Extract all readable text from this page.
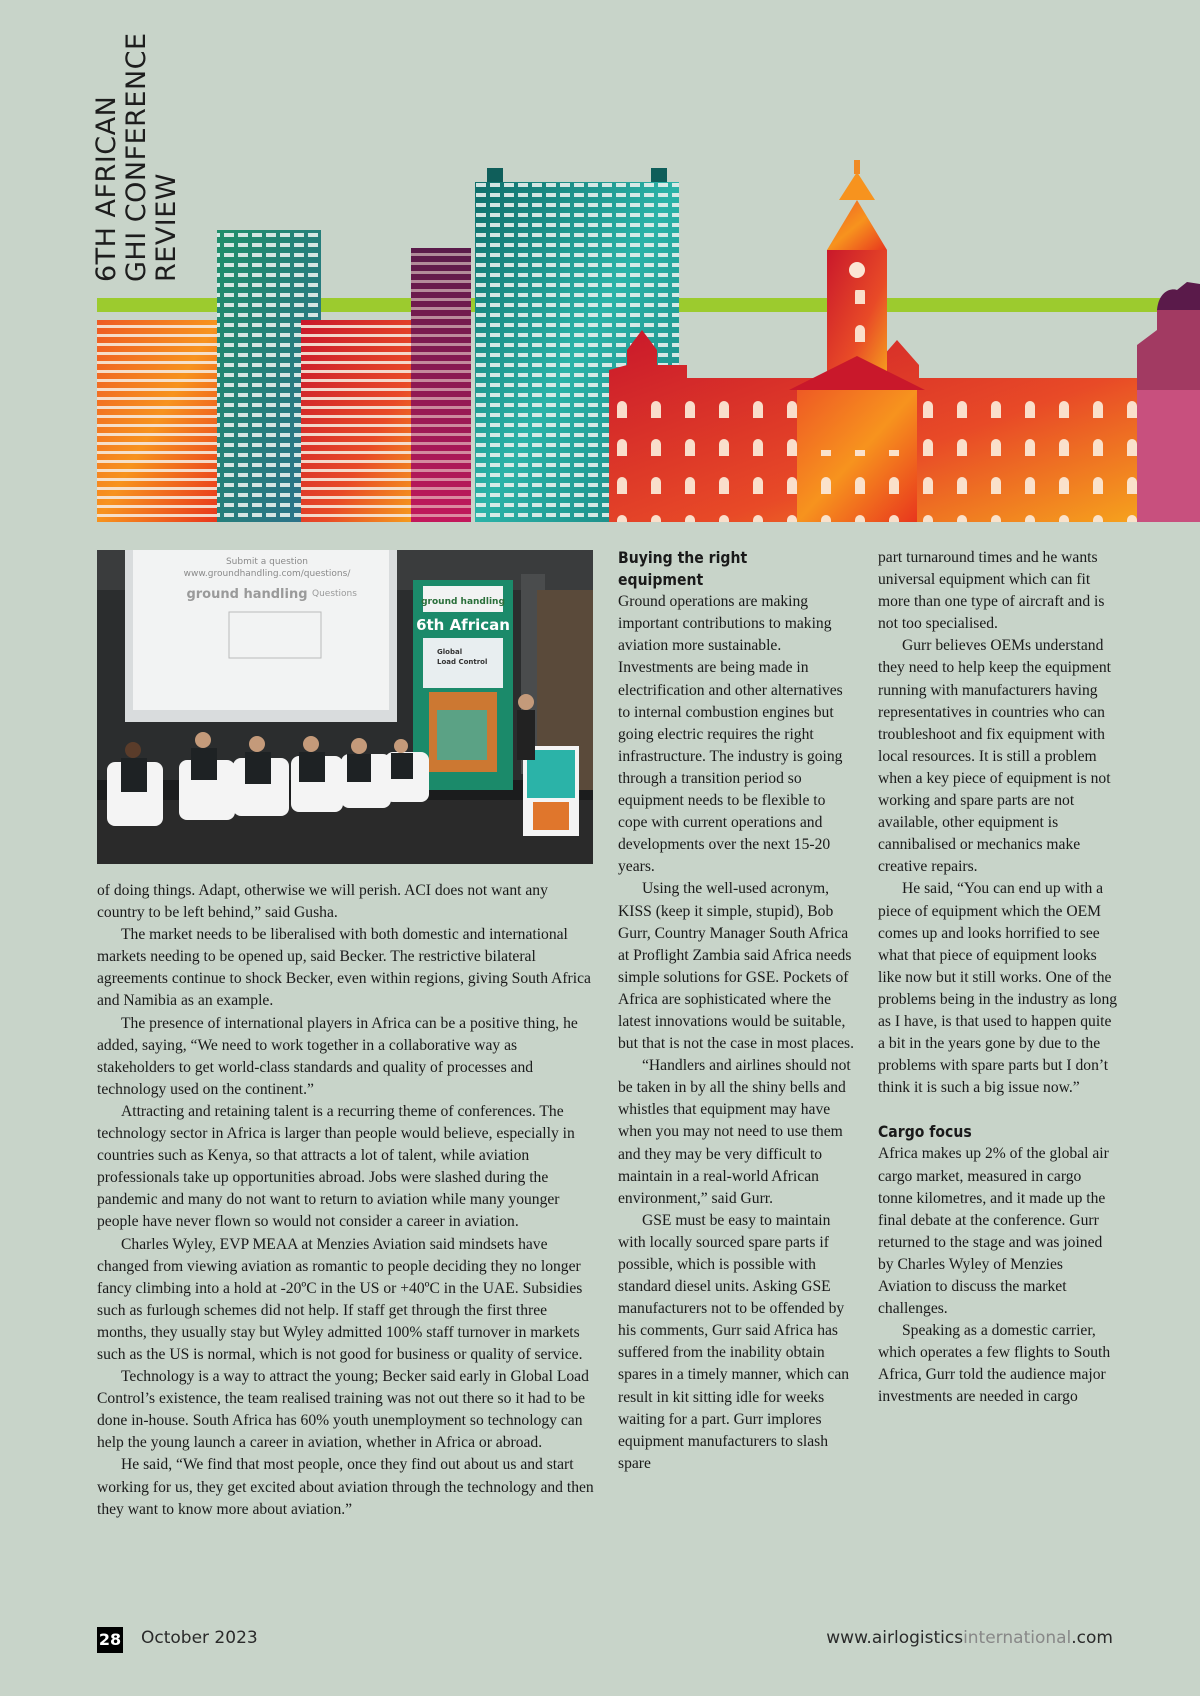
6TH AFRICAN GHI CONFERENCE REVIEW
Submit a question
www.groundhandling.com/questions/
ground handling Questions
ground handling
6th African
Global
Load Control

of doing things. Adapt, otherwise we will perish. ACI does not want any country to be left behind,” said Gusha.

The market needs to be liberalised with both domestic and international markets needing to be opened up, said Becker. The restrictive bilateral agreements continue to shock Becker, even within regions, giving South Africa and Namibia as an example.

The presence of international players in Africa can be a positive thing, he added, saying, “We need to work together in a collaborative way as stakeholders to get world-class standards and quality of processes and technology used on the continent.”

Attracting and retaining talent is a recurring theme of conferences. The technology sector in Africa is larger than people would believe, especially in countries such as Kenya, so that attracts a lot of talent, while aviation professionals take up opportunities abroad. Jobs were slashed during the pandemic and many do not want to return to aviation while many younger people have never flown so would not consider a career in aviation.

Charles Wyley, EVP MEAA at Menzies Aviation said mindsets have changed from viewing aviation as romantic to people deciding they no longer fancy climbing into a hold at -20ºC in the US or +40ºC in the UAE. Subsidies such as furlough schemes did not help. If staff get through the first three months, they usually stay but Wyley admitted 100% staff turnover in markets such as the US is normal, which is not good for business or quality of service.

Technology is a way to attract the young; Becker said early in Global Load Control’s existence, the team realised training was not out there so it had to be done in-house. South Africa has 60% youth unemployment so technology can help the young launch a career in aviation, whether in Africa or abroad.

He said, “We find that most people, once they find out about us and start working for us, they get excited about aviation through the technology and then they want to know more about aviation.”

Buying the right equipment

Ground operations are making important contributions to making aviation more sustainable. Investments are being made in electrification and other alternatives to internal combustion engines but going electric requires the right infrastructure. The industry is going through a transition period so equipment needs to be flexible to cope with current operations and developments over the next 15-20 years.

Using the well-used acronym, KISS (keep it simple, stupid), Bob Gurr, Country Manager South Africa at Proflight Zambia said Africa needs simple solutions for GSE. Pockets of Africa are sophisticated where the latest innovations would be suitable, but that is not the case in most places.

“Handlers and airlines should not be taken in by all the shiny bells and whistles that equipment may have when you may not need to use them and they may be very difficult to maintain in a real-world African environment,” said Gurr.

GSE must be easy to maintain with locally sourced spare parts if possible, which is possible with standard diesel units. Asking GSE manufacturers not to be offended by his comments, Gurr said Africa has suffered from the inability obtain spares in a timely manner, which can result in kit sitting idle for weeks waiting for a part. Gurr implores equipment manufacturers to slash spare

part turnaround times and he wants universal equipment which can fit more than one type of aircraft and is not too specialised.

Gurr believes OEMs understand they need to help keep the equipment running with manufacturers having representatives in countries who can troubleshoot and fix equipment with local resources. It is still a problem when a key piece of equipment is not working and spare parts are not available, other equipment is cannibalised or mechanics make creative repairs.

He said, “You can end up with a piece of equipment which the OEM comes up and looks horrified to see what that piece of equipment looks like now but it still works. One of the problems being in the industry as long as I have, is that used to happen quite a bit in the years gone by due to the problems with spare parts but I don’t think it is such a big issue now.”

Cargo focus

Africa makes up 2% of the global air cargo market, measured in cargo tonne kilometres, and it made up the final debate at the conference. Gurr returned to the stage and was joined by Charles Wyley of Menzies Aviation to discuss the market challenges.

Speaking as a domestic carrier, which operates a few flights to South Africa, Gurr told the audience major investments are needed in cargo

28 October 2023	www.airlogisticsinternational.com
